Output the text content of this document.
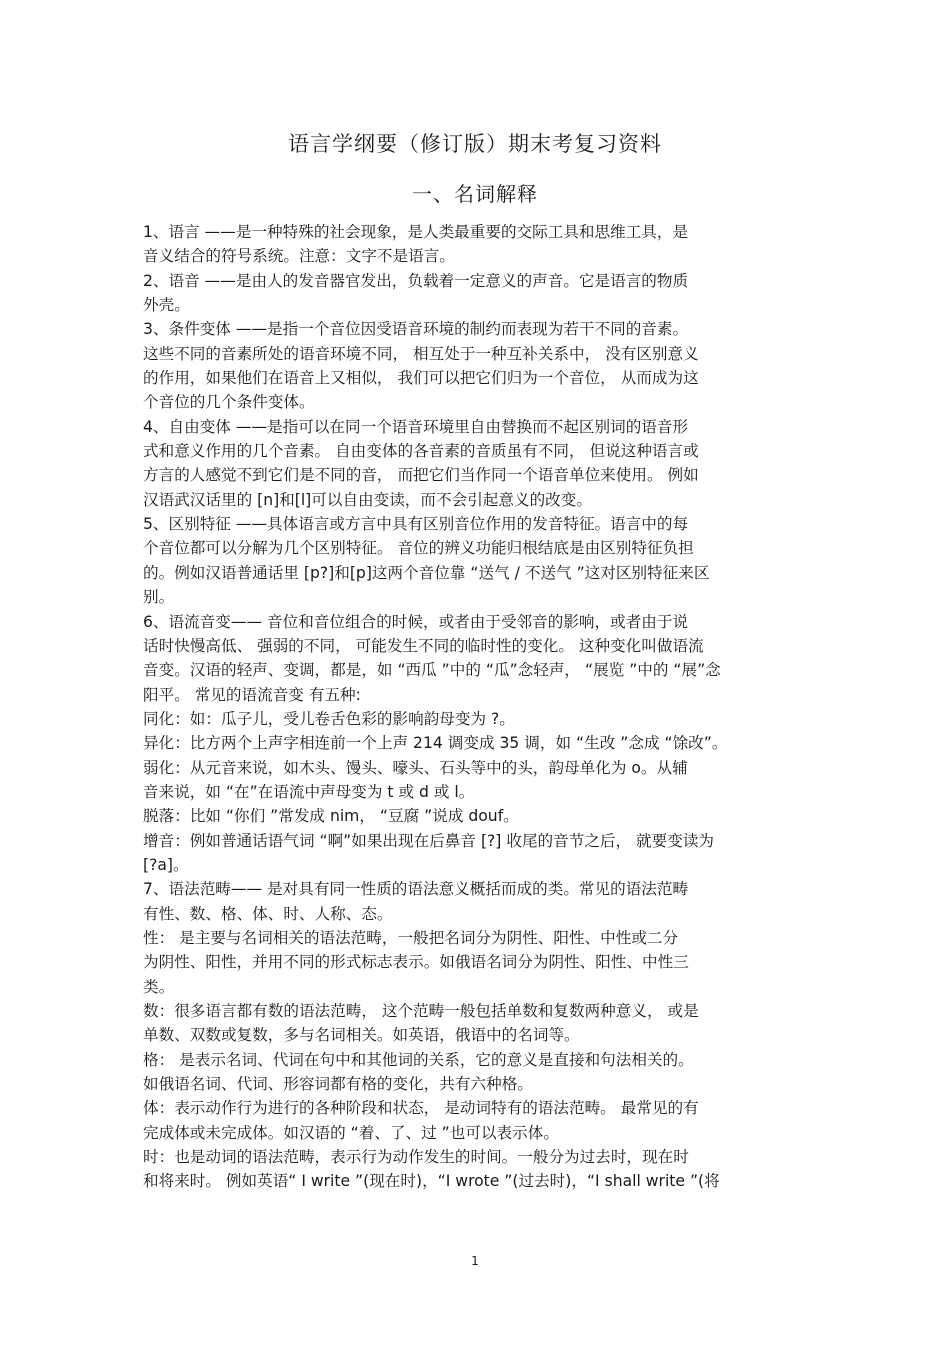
语言学纲要（修订版）期末考复习资料
一、名词解释
1、语言 ——是一种特殊的社会现象，是人类最重要的交际工具和思维工具，是
音义结合的符号系统。注意：文字不是语言。
2、语音 ——是由人的发音器官发出，负载着一定意义的声音。它是语言的物质
外壳。
3、条件变体 ——是指一个音位因受语音环境的制约而表现为若干不同的音素。
这些不同的音素所处的语音环境不同， 相互处于一种互补关系中， 没有区别意义
的作用，如果他们在语音上又相似， 我们可以把它们归为一个音位， 从而成为这
个音位的几个条件变体。
4、自由变体 ——是指可以在同一个语音环境里自由替换而不起区别词的语音形
式和意义作用的几个音素。 自由变体的各音素的音质虽有不同， 但说这种语言或
方言的人感觉不到它们是不同的音， 而把它们当作同一个语音单位来使用。 例如
汉语武汉话里的 [n]和[l]可以自由变读，而不会引起意义的改变。
5、区别特征 ——具体语言或方言中具有区别音位作用的发音特征。语言中的每
个音位都可以分解为几个区别特征。 音位的辨义功能归根结底是由区别特征负担
的。例如汉语普通话里 [p?]和[p]这两个音位靠 “送气 / 不送气 ”这对区别特征来区
别。
6、语流音变—— 音位和音位组合的时候，或者由于受邻音的影响，或者由于说
话时快慢高低、 强弱的不同， 可能发生不同的临时性的变化。 这种变化叫做语流
音变。汉语的轻声、变调，都是，如 “西瓜 ”中的 “瓜”念轻声， “展览 ”中的 “展”念
阳平。 常见的语流音变 有五种:
同化：如：瓜子儿，受儿卷舌色彩的影响韵母变为 ?。
异化：比方两个上声字相连前一个上声 214 调变成 35 调，如 “生改 ”念成 “馀改”。
弱化：从元音来说，如木头、馒头、嚎头、石头等中的头，韵母单化为 o。从辅
音来说，如 “在”在语流中声母变为 t 或 d 或 l。
脱落：比如 “你们 ”常发成 nim， “豆腐 ”说成 douf。
增音：例如普通话语气词 “啊”如果出现在后鼻音 [?] 收尾的音节之后， 就要变读为
[?a]。
7、语法范畴—— 是对具有同一性质的语法意义概括而成的类。常见的语法范畴
有性、数、格、体、时、人称、态。
性： 是主要与名词相关的语法范畴，一般把名词分为阴性、阳性、中性或二分
为阴性、阳性，并用不同的形式标志表示。如俄语名词分为阴性、阳性、中性三
类。
数：很多语言都有数的语法范畴， 这个范畴一般包括单数和复数两种意义， 或是
单数、双数或复数，多与名词相关。如英语，俄语中的名词等。
格： 是表示名词、代词在句中和其他词的关系，它的意义是直接和句法相关的。
如俄语名词、代词、形容词都有格的变化，共有六种格。
体：表示动作行为进行的各种阶段和状态， 是动词特有的语法范畴。 最常见的有
完成体或未完成体。如汉语的 “着、了、过 ”也可以表示体。
时：也是动词的语法范畴，表示行为动作发生的时间。一般分为过去时，现在时
和将来时。 例如英语“ I write ”(现在时)，“I wrote ”(过去时)，“I shall write ”(将
1
